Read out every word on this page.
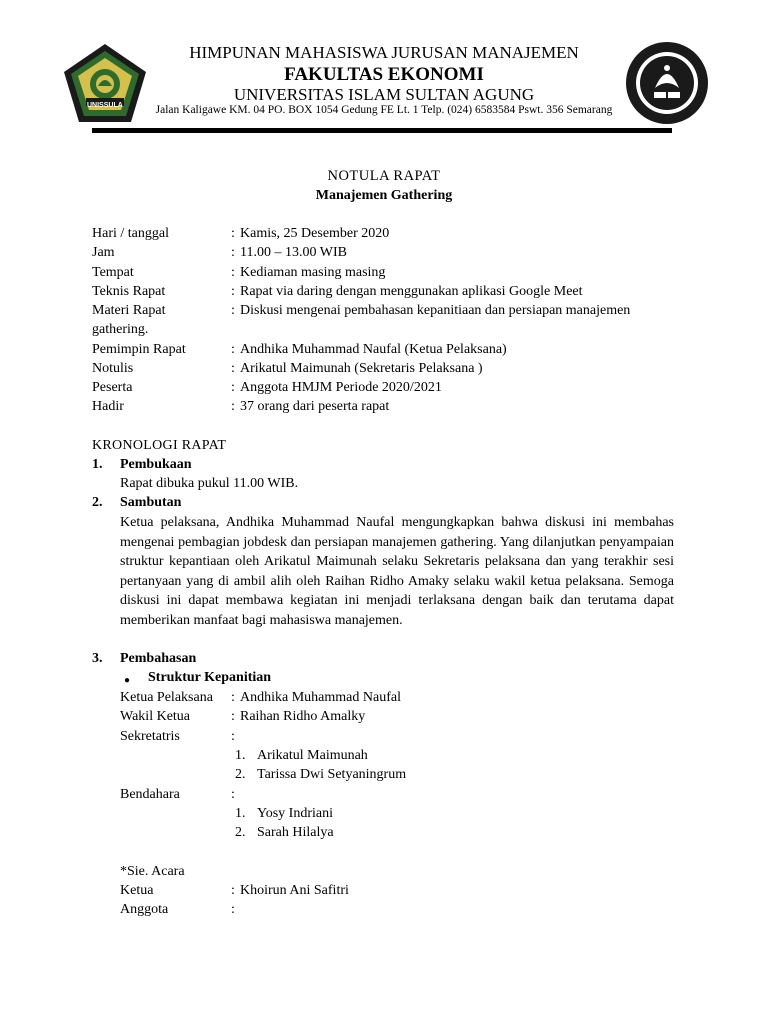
UNISSULA
HIMPUNAN MAHASISWA JURUSAN MANAJEMEN
FAKULTAS EKONOMI
UNIVERSITAS ISLAM SULTAN AGUNG
Jalan Kaligawe KM. 04 PO. BOX 1054 Gedung FE Lt. 1 Telp. (024) 6583584 Pswt. 356 Semarang
NOTULA RAPAT
Manajemen Gathering
Hari / tanggal	: Kamis, 25 Desember 2020
Jam	: 11.00 – 13.00 WIB
Tempat	: Kediaman masing masing
Teknis Rapat	: Rapat via daring dengan menggunakan aplikasi Google Meet
Materi Rapat	: Diskusi mengenai pembahasan kepanitiaan dan persiapan manajemen
gathering.
Pemimpin Rapat	: Andhika Muhammad Naufal (Ketua Pelaksana)
Notulis	: Arikatul Maimunah (Sekretaris Pelaksana )
Peserta	: Anggota HMJM Periode 2020/2021
Hadir	: 37 orang dari peserta rapat
KRONOLOGI RAPAT
1. Pembukaan
Rapat dibuka pukul 11.00 WIB.
2. Sambutan
Ketua pelaksana, Andhika Muhammad Naufal mengungkapkan bahwa diskusi ini membahas mengenai pembagian jobdesk dan persiapan manajemen gathering. Yang dilanjutkan penyampaian struktur kepantiaan oleh Arikatul Maimunah selaku Sekretaris pelaksana dan yang terakhir sesi pertanyaan yang di ambil alih oleh Raihan Ridho Amaky selaku wakil ketua pelaksana. Semoga diskusi ini dapat membawa kegiatan ini menjadi terlaksana dengan baik dan terutama dapat memberikan manfaat bagi mahasiswa manajemen.
3. Pembahasan
● Struktur Kepanitian
Ketua Pelaksana : Andhika Muhammad Naufal
Wakil Ketua	: Raihan Ridho Amalky
Sekretatris	:
1. Arikatul Maimunah
2. Tarissa Dwi Setyaningrum
Bendahara	:
1. Yosy Indriani
2. Sarah Hilalya
*Sie. Acara
Ketua	: Khoirun Ani Safitri
Anggota	:
